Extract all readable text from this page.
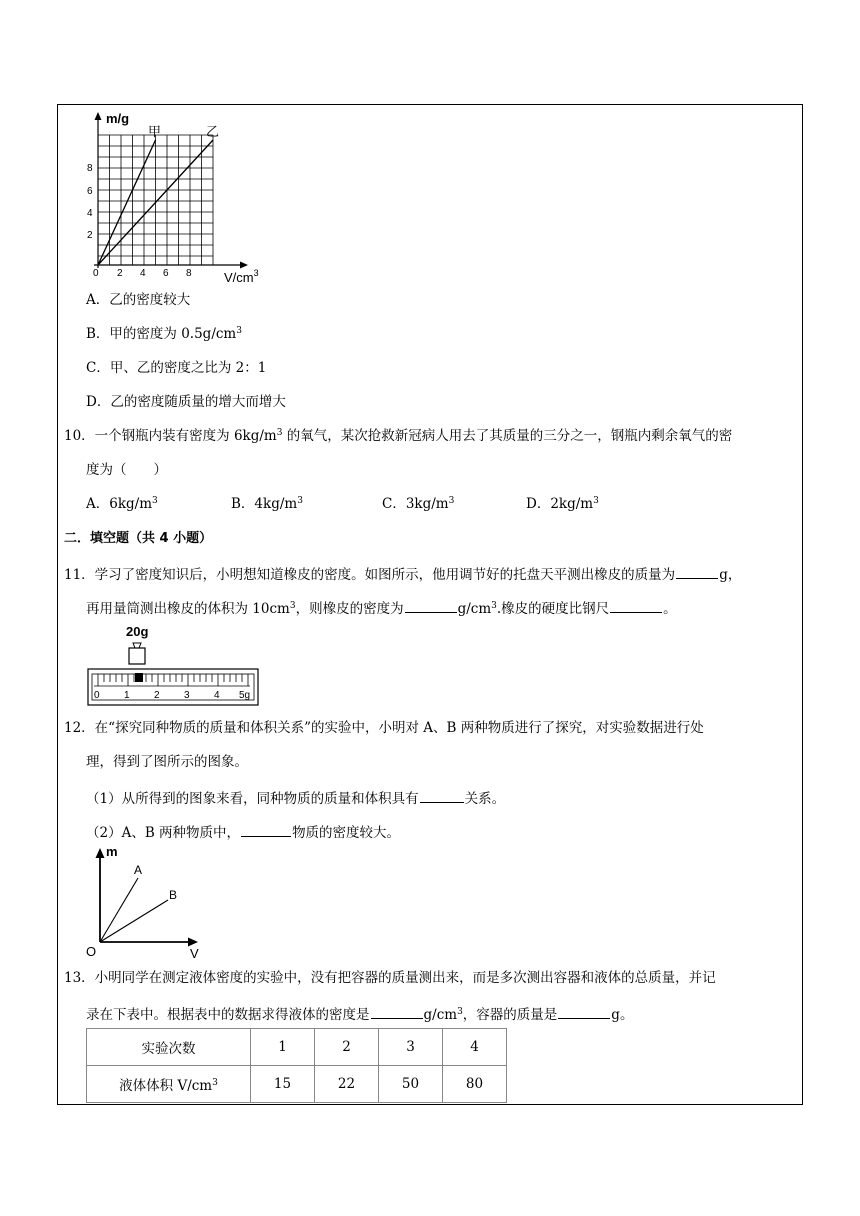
m/g
甲	乙
8
6
4
2
0 2 4 6 8 $V/cm^3$
A．乙的密度较大
B．甲的密度为 $0.5g/cm^3$
C．甲、乙的密度之比为 2：1
D．乙的密度随质量的增大而增大
10．一个钢瓶内装有密度为 $6kg/m^3$ 的氧气，某次抢救新冠病人用去了其质量的三分之一，钢瓶内剩余氧气的密
度为（　　）
A．$6kg/m^3$	B．$4kg/m^3$	C．$3kg/m^3$	D．$2kg/m^3$
二．填空题（共 4 小题）
11．学习了密度知识后，小明想知道橡皮的密度。如图所示，他用调节好的托盘天平测出橡皮的质量为	g，
再用量筒测出橡皮的体积为 $10cm^3$，则橡皮的密度为	$g/cm^3$.橡皮的硬度比钢尺	。
20g
0 1 2 3 4 5g
12．在“探究同种物质的质量和体积关系”的实验中，小明对 A、B 两种物质进行了探究，对实验数据进行处
理，得到了图所示的图象。
（1）从所得到的图象来看，同种物质的质量和体积具有	关系。
（2）A、B 两种物质中，	物质的密度较大。
m
V
O
A
B
13．小明同学在测定液体密度的实验中，没有把容器的质量测出来，而是多次测出容器和液体的总质量，并记
录在下表中。根据表中的数据求得液体的密度是	$g/cm^3$，容器的质量是	g。
实验次数	1	2	3	4
液体体积 $V/cm^3$	15	22	50	80
